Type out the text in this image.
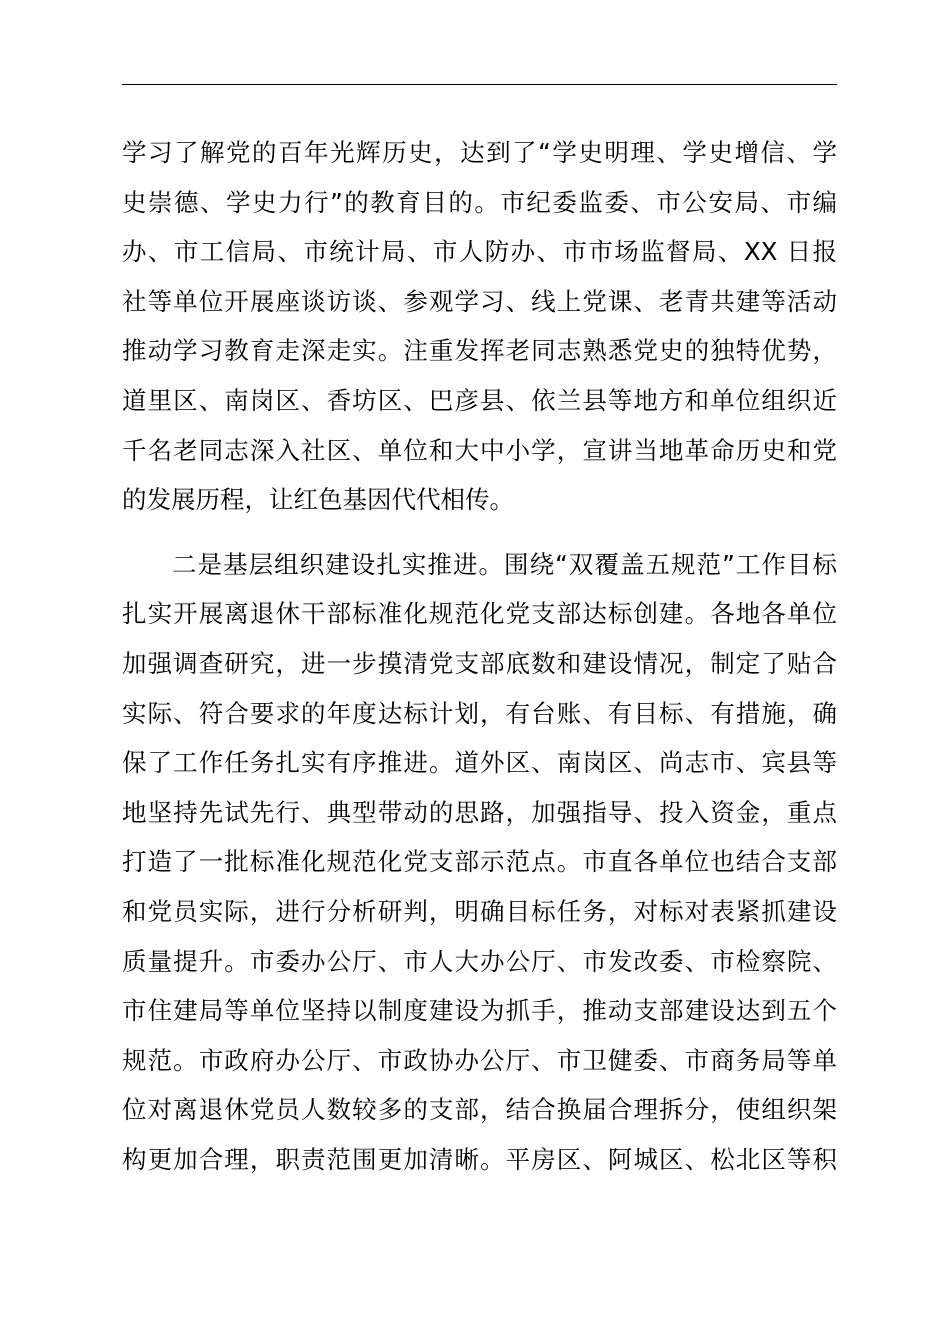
学习了解党的百年光辉历史，达到了“学史明理、学史增信、学
史崇德、学史力行”的教育目的。市纪委监委、市公安局、市编
办、市工信局、市统计局、市人防办、市市场监督局、XX 日报
社等单位开展座谈访谈、参观学习、线上党课、老青共建等活动
推动学习教育走深走实。注重发挥老同志熟悉党史的独特优势，
道里区、南岗区、香坊区、巴彦县、依兰县等地方和单位组织近
千名老同志深入社区、单位和大中小学，宣讲当地革命历史和党
的发展历程，让红色基因代代相传。
二是基层组织建设扎实推进。围绕“双覆盖五规范”工作目标
扎实开展离退休干部标准化规范化党支部达标创建。各地各单位
加强调查研究，进一步摸清党支部底数和建设情况，制定了贴合
实际、符合要求的年度达标计划，有台账、有目标、有措施，确
保了工作任务扎实有序推进。道外区、南岗区、尚志市、宾县等
地坚持先试先行、典型带动的思路，加强指导、投入资金，重点
打造了一批标准化规范化党支部示范点。市直各单位也结合支部
和党员实际，进行分析研判，明确目标任务，对标对表紧抓建设
质量提升。市委办公厅、市人大办公厅、市发改委、市检察院、
市住建局等单位坚持以制度建设为抓手，推动支部建设达到五个
规范。市政府办公厅、市政协办公厅、市卫健委、市商务局等单
位对离退休党员人数较多的支部，结合换届合理拆分，使组织架
构更加合理，职责范围更加清晰。平房区、阿城区、松北区等积
